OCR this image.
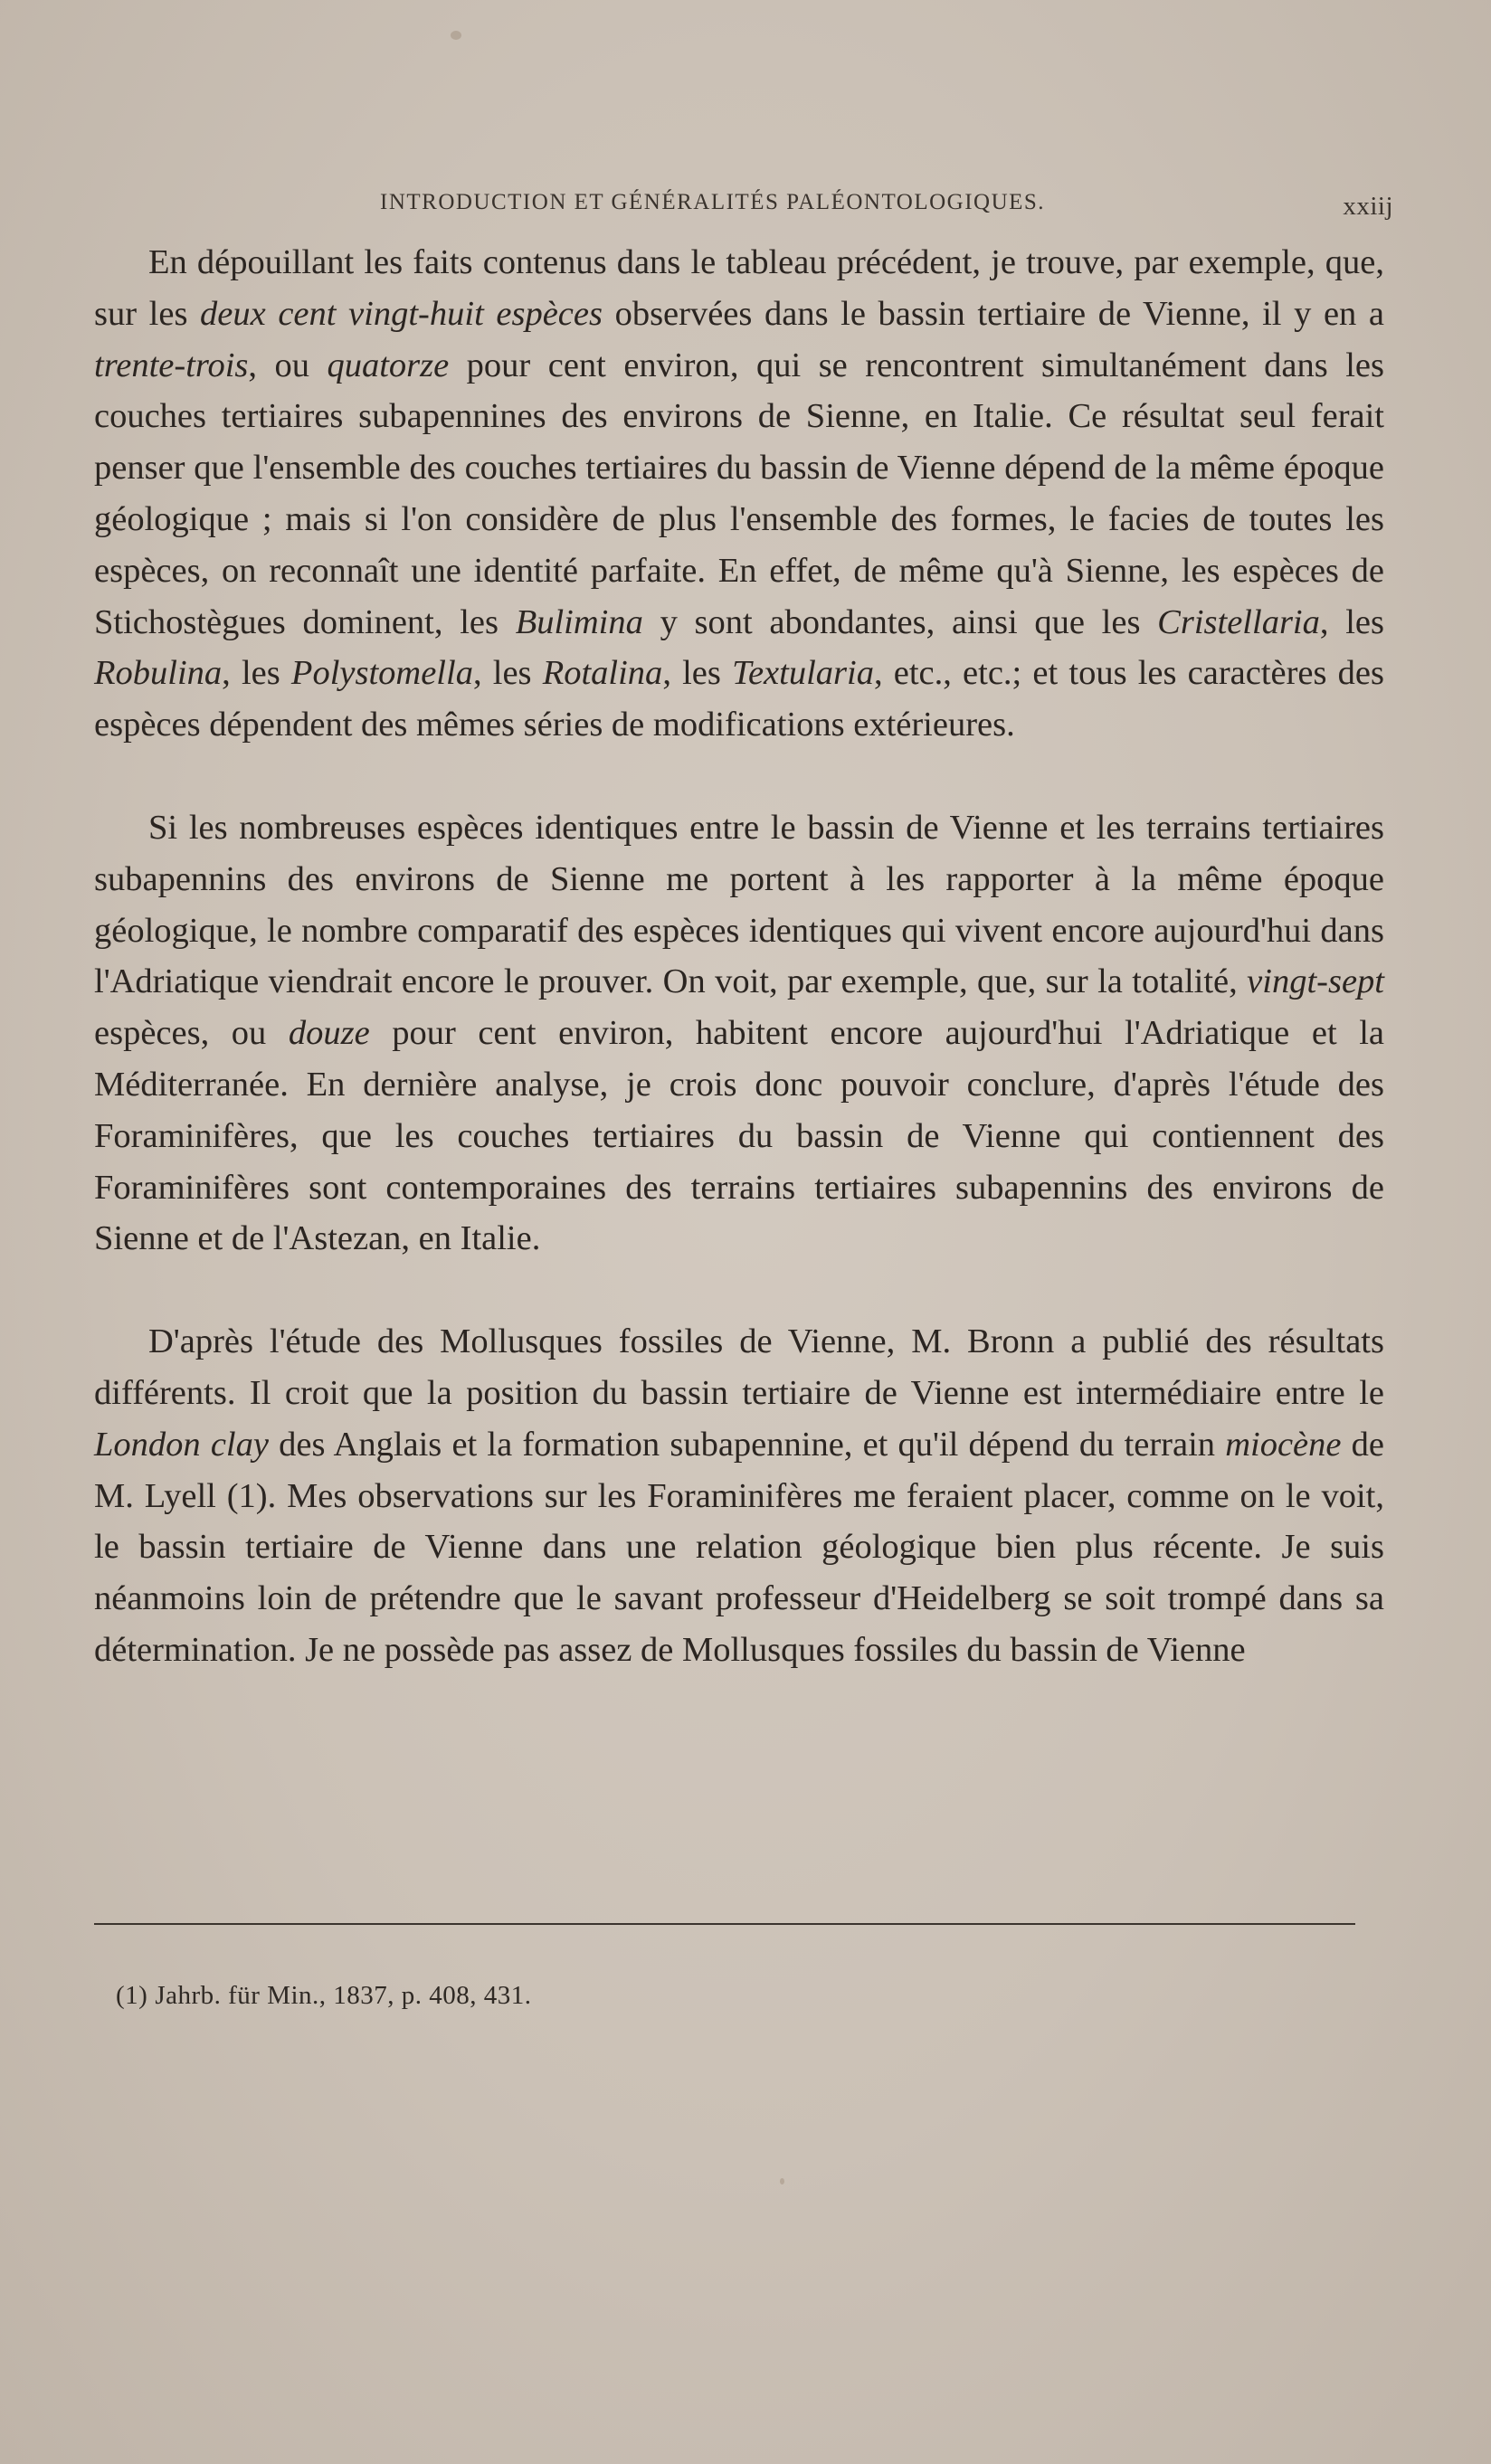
INTRODUCTION ET GÉNÉRALITÉS PALÉONTOLOGIQUES.	xxiij

En dépouillant les faits contenus dans le tableau précédent, je trouve, par exemple, que, sur les deux cent vingt-huit espèces observées dans le bassin tertiaire de Vienne, il y en a trente-trois, ou quatorze pour cent environ, qui se rencontrent simultanément dans les couches tertiaires subapennines des environs de Sienne, en Italie. Ce résultat seul ferait penser que l'ensemble des couches tertiaires du bassin de Vienne dépend de la même époque géologique ; mais si l'on considère de plus l'ensemble des formes, le facies de toutes les espèces, on reconnaît une identité parfaite. En effet, de même qu'à Sienne, les espèces de Stichostègues dominent, les Bulimina y sont abondantes, ainsi que les Cristellaria, les Robulina, les Polystomella, les Rotalina, les Textularia, etc., etc.; et tous les caractères des espèces dépendent des mêmes séries de modifications extérieures.

Si les nombreuses espèces identiques entre le bassin de Vienne et les terrains tertiaires subapennins des environs de Sienne me portent à les rapporter à la même époque géologique, le nombre comparatif des espèces identiques qui vivent encore aujourd'hui dans l'Adriatique viendrait encore le prouver. On voit, par exemple, que, sur la totalité, vingt-sept espèces, ou douze pour cent environ, habitent encore aujourd'hui l'Adriatique et la Méditerranée. En dernière analyse, je crois donc pouvoir conclure, d'après l'étude des Foraminifères, que les couches tertiaires du bassin de Vienne qui contiennent des Foraminifères sont contemporaines des terrains tertiaires subapennins des environs de Sienne et de l'Astezan, en Italie.

D'après l'étude des Mollusques fossiles de Vienne, M. Bronn a publié des résultats différents. Il croit que la position du bassin tertiaire de Vienne est intermédiaire entre le London clay des Anglais et la formation subapennine, et qu'il dépend du terrain miocène de M. Lyell (1). Mes observations sur les Foraminifères me feraient placer, comme on le voit, le bassin tertiaire de Vienne dans une relation géologique bien plus récente. Je suis néanmoins loin de prétendre que le savant professeur d'Heidelberg se soit trompé dans sa détermination. Je ne possède pas assez de Mollusques fossiles du bassin de Vienne

(1) Jahrb. für Min., 1837, p. 408, 431.
